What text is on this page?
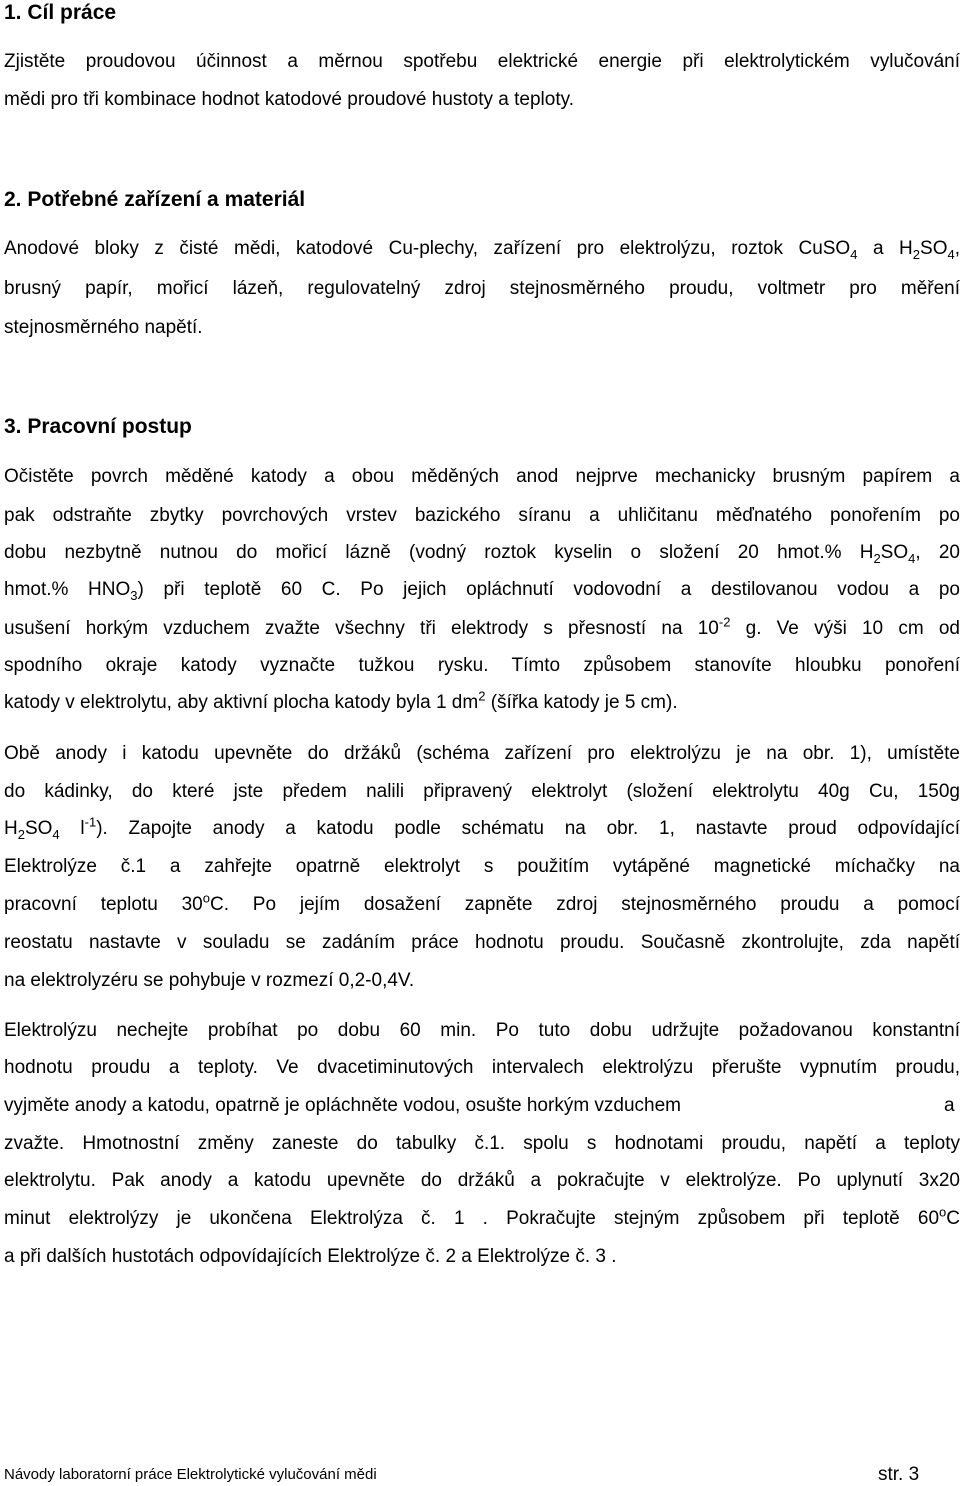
1. Cíl práce
Zjistěte proudovou účinnost a měrnou spotřebu elektrické energie při elektrolytickém vylučování
mědi pro tři kombinace hodnot katodové proudové hustoty a teploty.
2. Potřebné zařízení a materiál
Anodové bloky z čisté mědi, katodové Cu-plechy, zařízení pro elektrolýzu, roztok CuSO$_4$ a $H_2SO_4$,
brusný papír, mořicí lázeň, regulovatelný zdroj stejnosměrného proudu, voltmetr pro měření
stejnosměrného napětí.
3. Pracovní postup
Očistěte povrch měděné katody a obou měděných anod nejprve mechanicky brusným papírem a
pak odstraňte zbytky povrchových vrstev bazického síranu a uhličitanu měďnatého ponořením po
dobu nezbytně nutnou do mořicí lázně (vodný roztok kyselin o složení 20 hmot.% $H_2SO_4$, 20
hmot.% $HNO_3$) při teplotě 60 C. Po jejich opláchnutí vodovodní a destilovanou vodou a po
usušení horkým vzduchem zvažte všechny tři elektrody s přesností na $10^{-2}$ g. Ve výši 10 cm od
spodního okraje katody vyznačte tužkou rysku. Tímto způsobem stanovíte hloubku ponoření
katody v elektrolytu, aby aktivní plocha katody byla 1 $dm^2$ (šířka katody je 5 cm).
Obě anody i katodu upevněte do držáků (schéma zařízení pro elektrolýzu je na obr. 1), umístěte
do kádinky, do které jste předem nalili připravený elektrolyt (složení elektrolytu 40g Cu, 150g
$H_2SO_4$ $l^{-1}$). Zapojte anody a katodu podle schématu na obr. 1, nastavte proud odpovídající
Elektrolýze č.1 a zahřejte opatrně elektrolyt s použitím vytápěné magnetické míchačky na
pracovní teplotu 30$^o$C. Po jejím dosažení zapněte zdroj stejnosměrného proudu a pomocí
reostatu nastavte v souladu se zadáním práce hodnotu proudu. Současně zkontrolujte, zda napětí
na elektrolyzéru se pohybuje v rozmezí 0,2-0,4V.
Elektrolýzu nechejte probíhat po dobu 60 min. Po tuto dobu udržujte požadovanou konstantní
hodnotu proudu a teploty. Ve dvacetiminutových intervalech elektrolýzu přerušte vypnutím proudu,
vyjměte anody a katodu, opatrně je opláchněte vodou, osušte horkým vzduchem	a
zvažte. Hmotnostní změny zaneste do tabulky č.1. spolu s hodnotami proudu, napětí a teploty
elektrolytu. Pak anody a katodu upevněte do držáků a pokračujte v elektrolýze. Po uplynutí 3x20
minut elektrolýzy je ukončena Elektrolýza č. 1 . Pokračujte stejným způsobem při teplotě 60$^o$C
a při dalších hustotách odpovídajících Elektrolýze č. 2 a Elektrolýze č. 3 .
Návody laboratorní práce Elektrolytické vylučování mědi	str. 3
